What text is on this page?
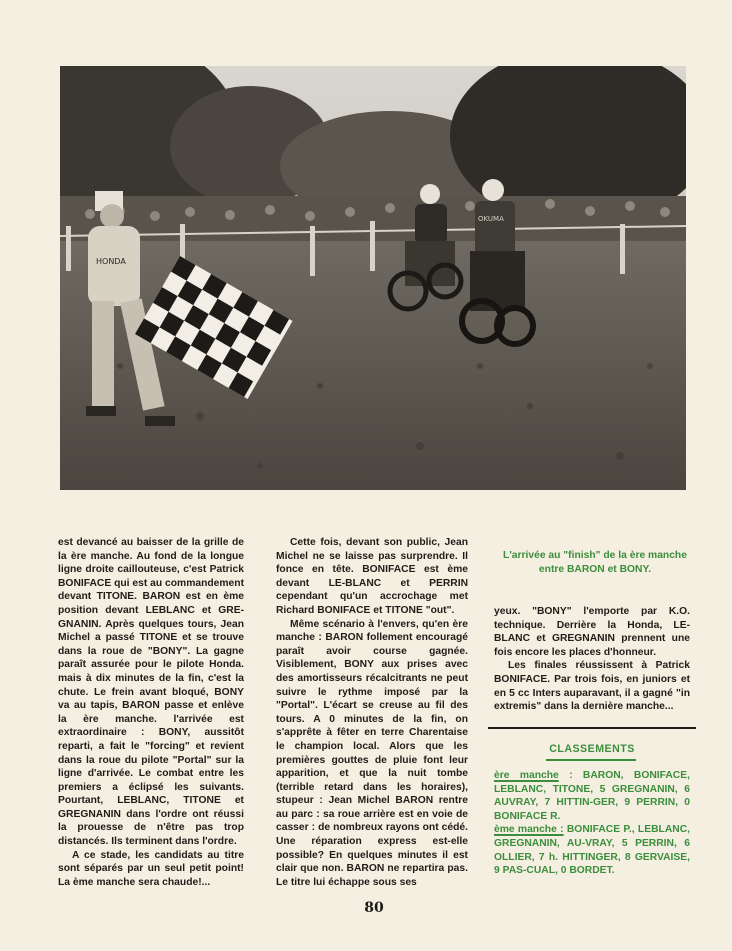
HONDA
OKUMA

est devancé au baisser de la grille de la ère manche. Au fond de la longue ligne droite caillouteuse, c'est Patrick BONIFACE qui est au commandement devant TITONE. BARON est en ème position devant LEBLANC et GRE-GNANIN. Après quelques tours, Jean Michel a passé TITONE et se trouve dans la roue de "BONY". La gagne paraît assurée pour le pilote Honda. mais à dix minutes de la fin, c'est la chute. Le frein avant bloqué, BONY va au tapis, BARON passe et enlève la ère manche. l'arrivée est extraordinaire : BONY, aussitôt reparti, a fait le "forcing" et revient dans la roue du pilote "Portal" sur la ligne d'arrivée. Le combat entre les premiers a éclipsé les suivants. Pourtant, LEBLANC, TITONE et GREGNANIN dans l'ordre ont réussi la prouesse de n'être pas trop distancés. Ils terminent dans l'ordre.

A ce stade, les candidats au titre sont séparés par un seul petit point! La ème manche sera chaude!...

Cette fois, devant son public, Jean Michel ne se laisse pas surprendre. Il fonce en tête. BONIFACE est ème devant LE-BLANC et PERRIN cependant qu'un accrochage met Richard BONIFACE et TITONE "out".

Même scénario à l'envers, qu'en ère manche : BARON follement encouragé paraît avoir course gagnée. Visiblement, BONY aux prises avec des amortisseurs récalcitrants ne peut suivre le rythme imposé par la "Portal". L'écart se creuse au fil des tours. A 0 minutes de la fin, on s'apprête à fêter en terre Charentaise le champion local. Alors que les premières gouttes de pluie font leur apparition, et que la nuit tombe (terrible retard dans les horaires), stupeur : Jean Michel BARON rentre au parc : sa roue arrière est en voie de casser : de nombreux rayons ont cédé. Une réparation express est-elle possible? En quelques minutes il est clair que non. BARON ne repartira pas. Le titre lui échappe sous ses

L'arrivée au "finish" de la ère manche entre BARON et BONY.

yeux. "BONY" l'emporte par K.O. technique. Derrière la Honda, LE-BLANC et GREGNANIN prennent une fois encore les places d'honneur.

Les finales réussissent à Patrick BONIFACE. Par trois fois, en juniors et en 5 cc Inters auparavant, il a gagné "in extremis" dans la dernière manche...

CLASSEMENTS

ère manche : BARON, BONIFACE, LEBLANC, TITONE, 5 GREGNANIN, 6 AUVRAY, 7 HITTIN-GER, 9 PERRIN, 0 BONIFACE R.

ème manche : BONIFACE P., LEBLANC, GREGNANIN, AU-VRAY, 5 PERRIN, 6 OLLIER, 7 h. HITTINGER, 8 GERVAISE, 9 PAS-CUAL, 0 BORDET.

80
